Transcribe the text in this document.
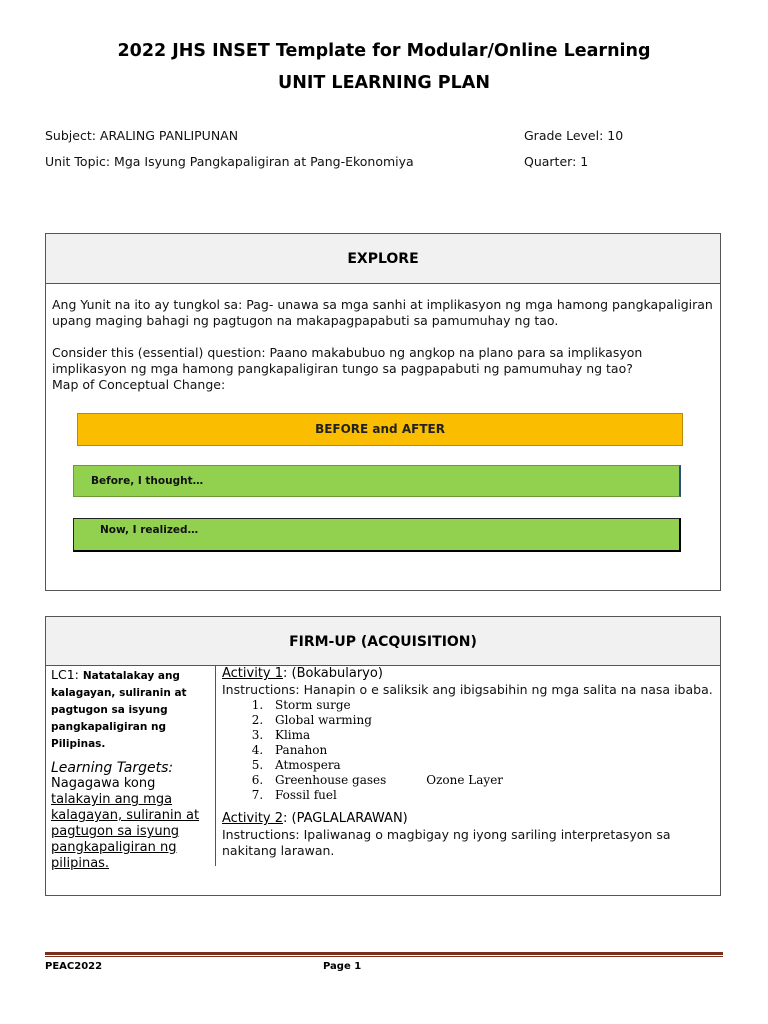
2022 JHS INSET Template for Modular/Online Learning
UNIT LEARNING PLAN
Subject: ARALING PANLIPUNAN	Grade Level: 10
Unit Topic: Mga Isyung Pangkapaligiran at Pang-Ekonomiya	Quarter: 1
EXPLORE
Ang Yunit na ito ay tungkol sa: Pag- unawa sa mga sanhi at implikasyon ng mga hamong pangkapaligiran upang maging bahagi ng pagtugon na makapagpapabuti sa pamumuhay ng tao.
Consider this (essential) question: Paano makabubuo ng angkop na plano para sa implikasyon implikasyon ng mga hamong pangkapaligiran tungo sa pagpapabuti ng pamumuhay ng tao?
Map of Conceptual Change:
BEFORE and AFTER
Before, I thought…
Now, I realized…
FIRM-UP (ACQUISITION)
LC1: Natatalakay ang kalagayan, suliranin at pagtugon sa isyung pangkapaligiran ng Pilipinas.
Learning Targets:
Nagagawa kong talakayin ang mga kalagayan, suliranin at pagtugon sa isyung pangkapaligiran ng pilipinas.
Activity 1: (Bokabularyo)
Instructions: Hanapin o e saliksik ang ibigsabihin ng mga salita na nasa ibaba.
1. Storm surge
2. Global warming
3. Klima
4. Panahon
5. Atmospera
6. Greenhouse gases	Ozone Layer
7. Fossil fuel
Activity 2: (PAGLALARAWAN)
Instructions: Ipaliwanag o magbigay ng iyong sariling interpretasyon sa nakitang larawan.
PEAC2022	Page 1
